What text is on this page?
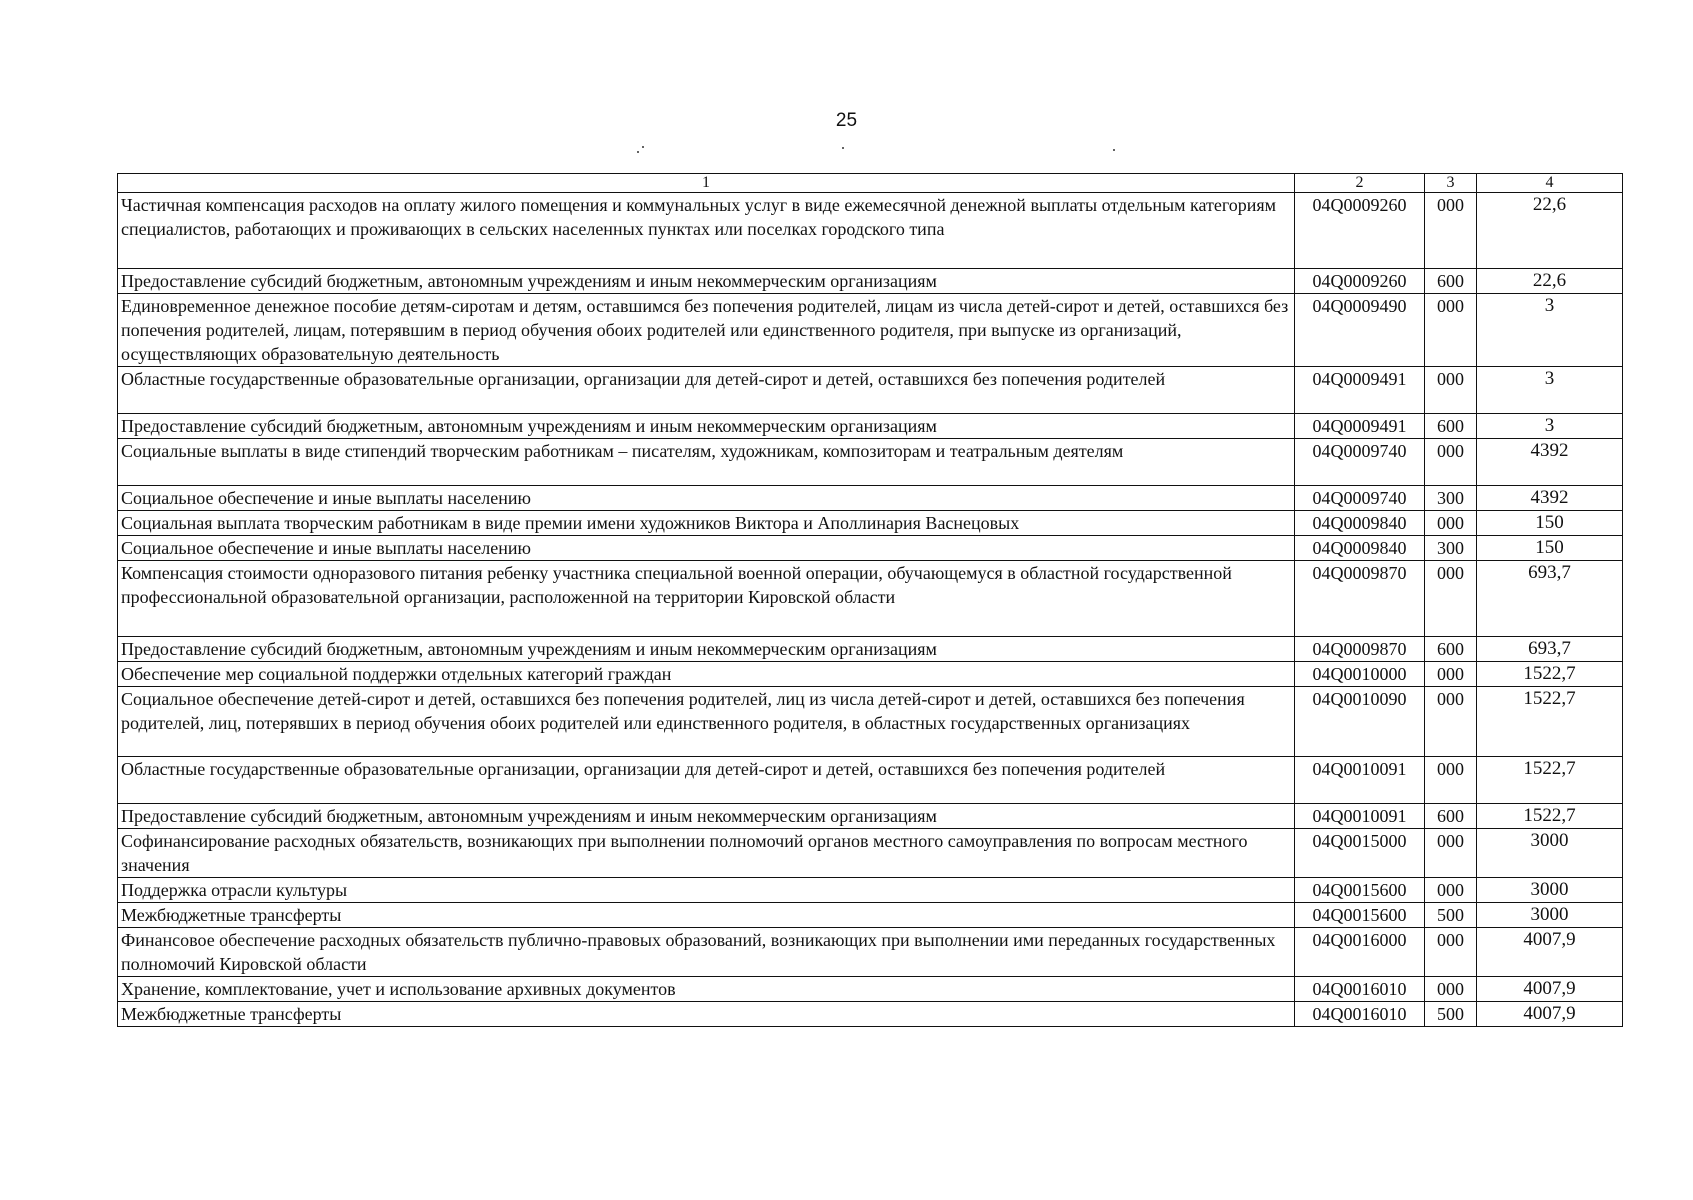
25
1	2	3	4
Частичная компенсация расходов на оплату жилого помещения и коммунальных услуг в виде ежемесячной денежной выплаты отдельным категориям специалистов, работающих и проживающих в сельских населенных пунктах или поселках городского типа	04Q0009260	000	22,6
Предоставление субсидий бюджетным, автономным учреждениям и иным некоммерческим организациям	04Q0009260	600	22,6
Единовременное денежное пособие детям-сиротам и детям, оставшимся без попечения родителей, лицам из числа детей-сирот и детей, оставшихся без попечения родителей, лицам, потерявшим в период обучения обоих родителей или единственного родителя, при выпуске из организаций, осуществляющих образовательную деятельность	04Q0009490	000	3
Областные государственные образовательные организации, организации для детей-сирот и детей, оставшихся без попечения родителей	04Q0009491	000	3
Предоставление субсидий бюджетным, автономным учреждениям и иным некоммерческим организациям	04Q0009491	600	3
Социальные выплаты в виде стипендий творческим работникам – писателям, художникам, композиторам и театральным деятелям	04Q0009740	000	4392
Социальное обеспечение и иные выплаты населению	04Q0009740	300	4392
Социальная выплата творческим работникам в виде премии имени художников Виктора и Аполлинария Васнецовых	04Q0009840	000	150
Социальное обеспечение и иные выплаты населению	04Q0009840	300	150
Компенсация стоимости одноразового питания ребенку участника специальной военной операции, обучающемуся в областной государственной профессиональной образовательной организации, расположенной на территории Кировской области	04Q0009870	000	693,7
Предоставление субсидий бюджетным, автономным учреждениям и иным некоммерческим организациям	04Q0009870	600	693,7
Обеспечение мер социальной поддержки отдельных категорий граждан	04Q0010000	000	1522,7
Социальное обеспечение детей-сирот и детей, оставшихся без попечения родителей, лиц из числа детей-сирот и детей, оставшихся без попечения родителей, лиц, потерявших в период обучения обоих родителей или единственного родителя, в областных государственных организациях	04Q0010090	000	1522,7
Областные государственные образовательные организации, организации для детей-сирот и детей, оставшихся без попечения родителей	04Q0010091	000	1522,7
Предоставление субсидий бюджетным, автономным учреждениям и иным некоммерческим организациям	04Q0010091	600	1522,7
Софинансирование расходных обязательств, возникающих при выполнении полномочий органов местного самоуправления по вопросам местного значения	04Q0015000	000	3000
Поддержка отрасли культуры	04Q0015600	000	3000
Межбюджетные трансферты	04Q0015600	500	3000
Финансовое обеспечение расходных обязательств публично-правовых образований, возникающих при выполнении ими переданных государственных полномочий Кировской области	04Q0016000	000	4007,9
Хранение, комплектование, учет и использование архивных документов	04Q0016010	000	4007,9
Межбюджетные трансферты	04Q0016010	500	4007,9
